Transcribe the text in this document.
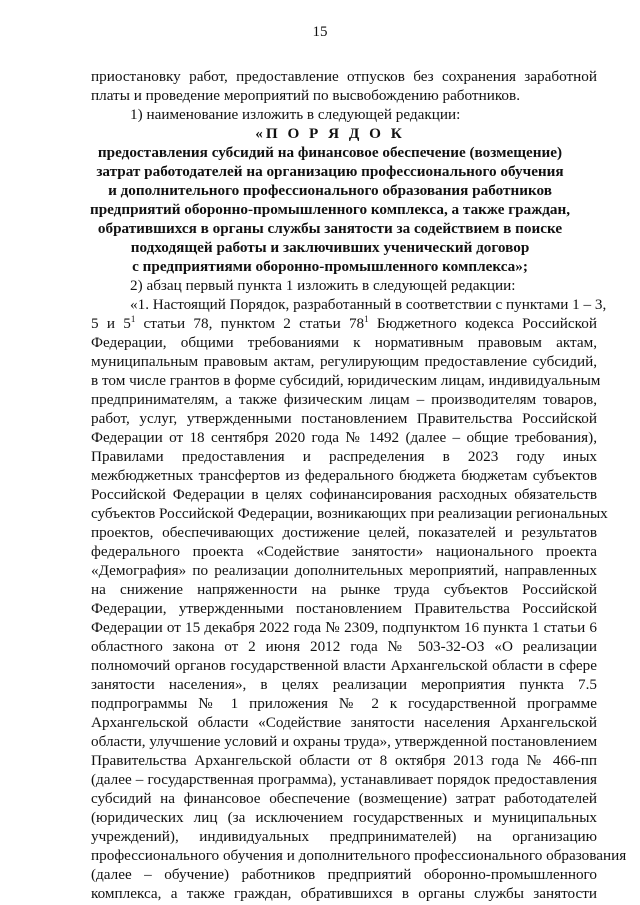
15
приостановку работ, предоставление отпусков без сохранения заработной
платы и проведение мероприятий по высвобождению работников.
1) наименование изложить в следующей редакции:
«П О Р Я Д О К
предоставления субсидий на финансовое обеспечение (возмещение)
затрат работодателей на организацию профессионального обучения
и дополнительного профессионального образования работников
предприятий оборонно-промышленного комплекса, а также граждан,
обратившихся в органы службы занятости за содействием в поиске
подходящей работы и заключивших ученический договор
с предприятиями оборонно-промышленного комплекса»;
2) абзац первый пункта 1 изложить в следующей редакции:
«1. Настоящий Порядок, разработанный в соответствии с пунктами 1 – 3,
5 и $5^1$ статьи 78, пунктом 2 статьи $78^1$ Бюджетного кодекса Российской
Федерации, общими требованиями к нормативным правовым актам,
муниципальным правовым актам, регулирующим предоставление субсидий,
в том числе грантов в форме субсидий, юридическим лицам, индивидуальным
предпринимателям, а также физическим лицам – производителям товаров,
работ, услуг, утвержденными постановлением Правительства Российской
Федерации от 18 сентября 2020 года № 1492 (далее – общие требования),
Правилами предоставления и распределения в 2023 году иных
межбюджетных трансфертов из федерального бюджета бюджетам субъектов
Российской Федерации в целях софинансирования расходных обязательств
субъектов Российской Федерации, возникающих при реализации региональных
проектов, обеспечивающих достижение целей, показателей и результатов
федерального проекта «Содействие занятости» национального проекта
«Демография» по реализации дополнительных мероприятий, направленных
на снижение напряженности на рынке труда субъектов Российской
Федерации, утвержденными постановлением Правительства Российской
Федерации от 15 декабря 2022 года № 2309, подпунктом 16 пункта 1 статьи 6
областного закона от 2 июня 2012 года № 503-32-ОЗ «О реализации
полномочий органов государственной власти Архангельской области в сфере
занятости населения», в целях реализации мероприятия пункта 7.5
подпрограммы № 1 приложения № 2 к государственной программе
Архангельской области «Содействие занятости населения Архангельской
области, улучшение условий и охраны труда», утвержденной постановлением
Правительства Архангельской области от 8 октября 2013 года № 466-пп
(далее – государственная программа), устанавливает порядок предоставления
субсидий на финансовое обеспечение (возмещение) затрат работодателей
(юридических лиц (за исключением государственных и муниципальных
учреждений), индивидуальных предпринимателей) на организацию
профессионального обучения и дополнительного профессионального образования
(далее – обучение) работников предприятий оборонно-промышленного
комплекса, а также граждан, обратившихся в органы службы занятости
